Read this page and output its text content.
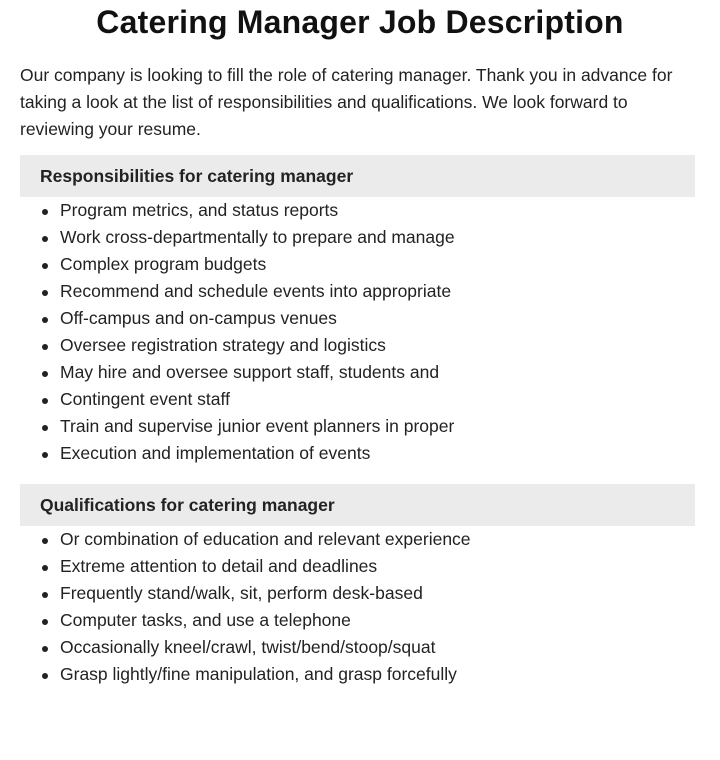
Catering Manager Job Description

Our company is looking to fill the role of catering manager. Thank you in advance for taking a look at the list of responsibilities and qualifications. We look forward to reviewing your resume.

Responsibilities for catering manager
Program metrics, and status reports
Work cross-departmentally to prepare and manage
Complex program budgets
Recommend and schedule events into appropriate
Off-campus and on-campus venues
Oversee registration strategy and logistics
May hire and oversee support staff, students and
Contingent event staff
Train and supervise junior event planners in proper
Execution and implementation of events
Qualifications for catering manager
Or combination of education and relevant experience
Extreme attention to detail and deadlines
Frequently stand/walk, sit, perform desk-based
Computer tasks, and use a telephone
Occasionally kneel/crawl, twist/bend/stoop/squat
Grasp lightly/fine manipulation, and grasp forcefully
